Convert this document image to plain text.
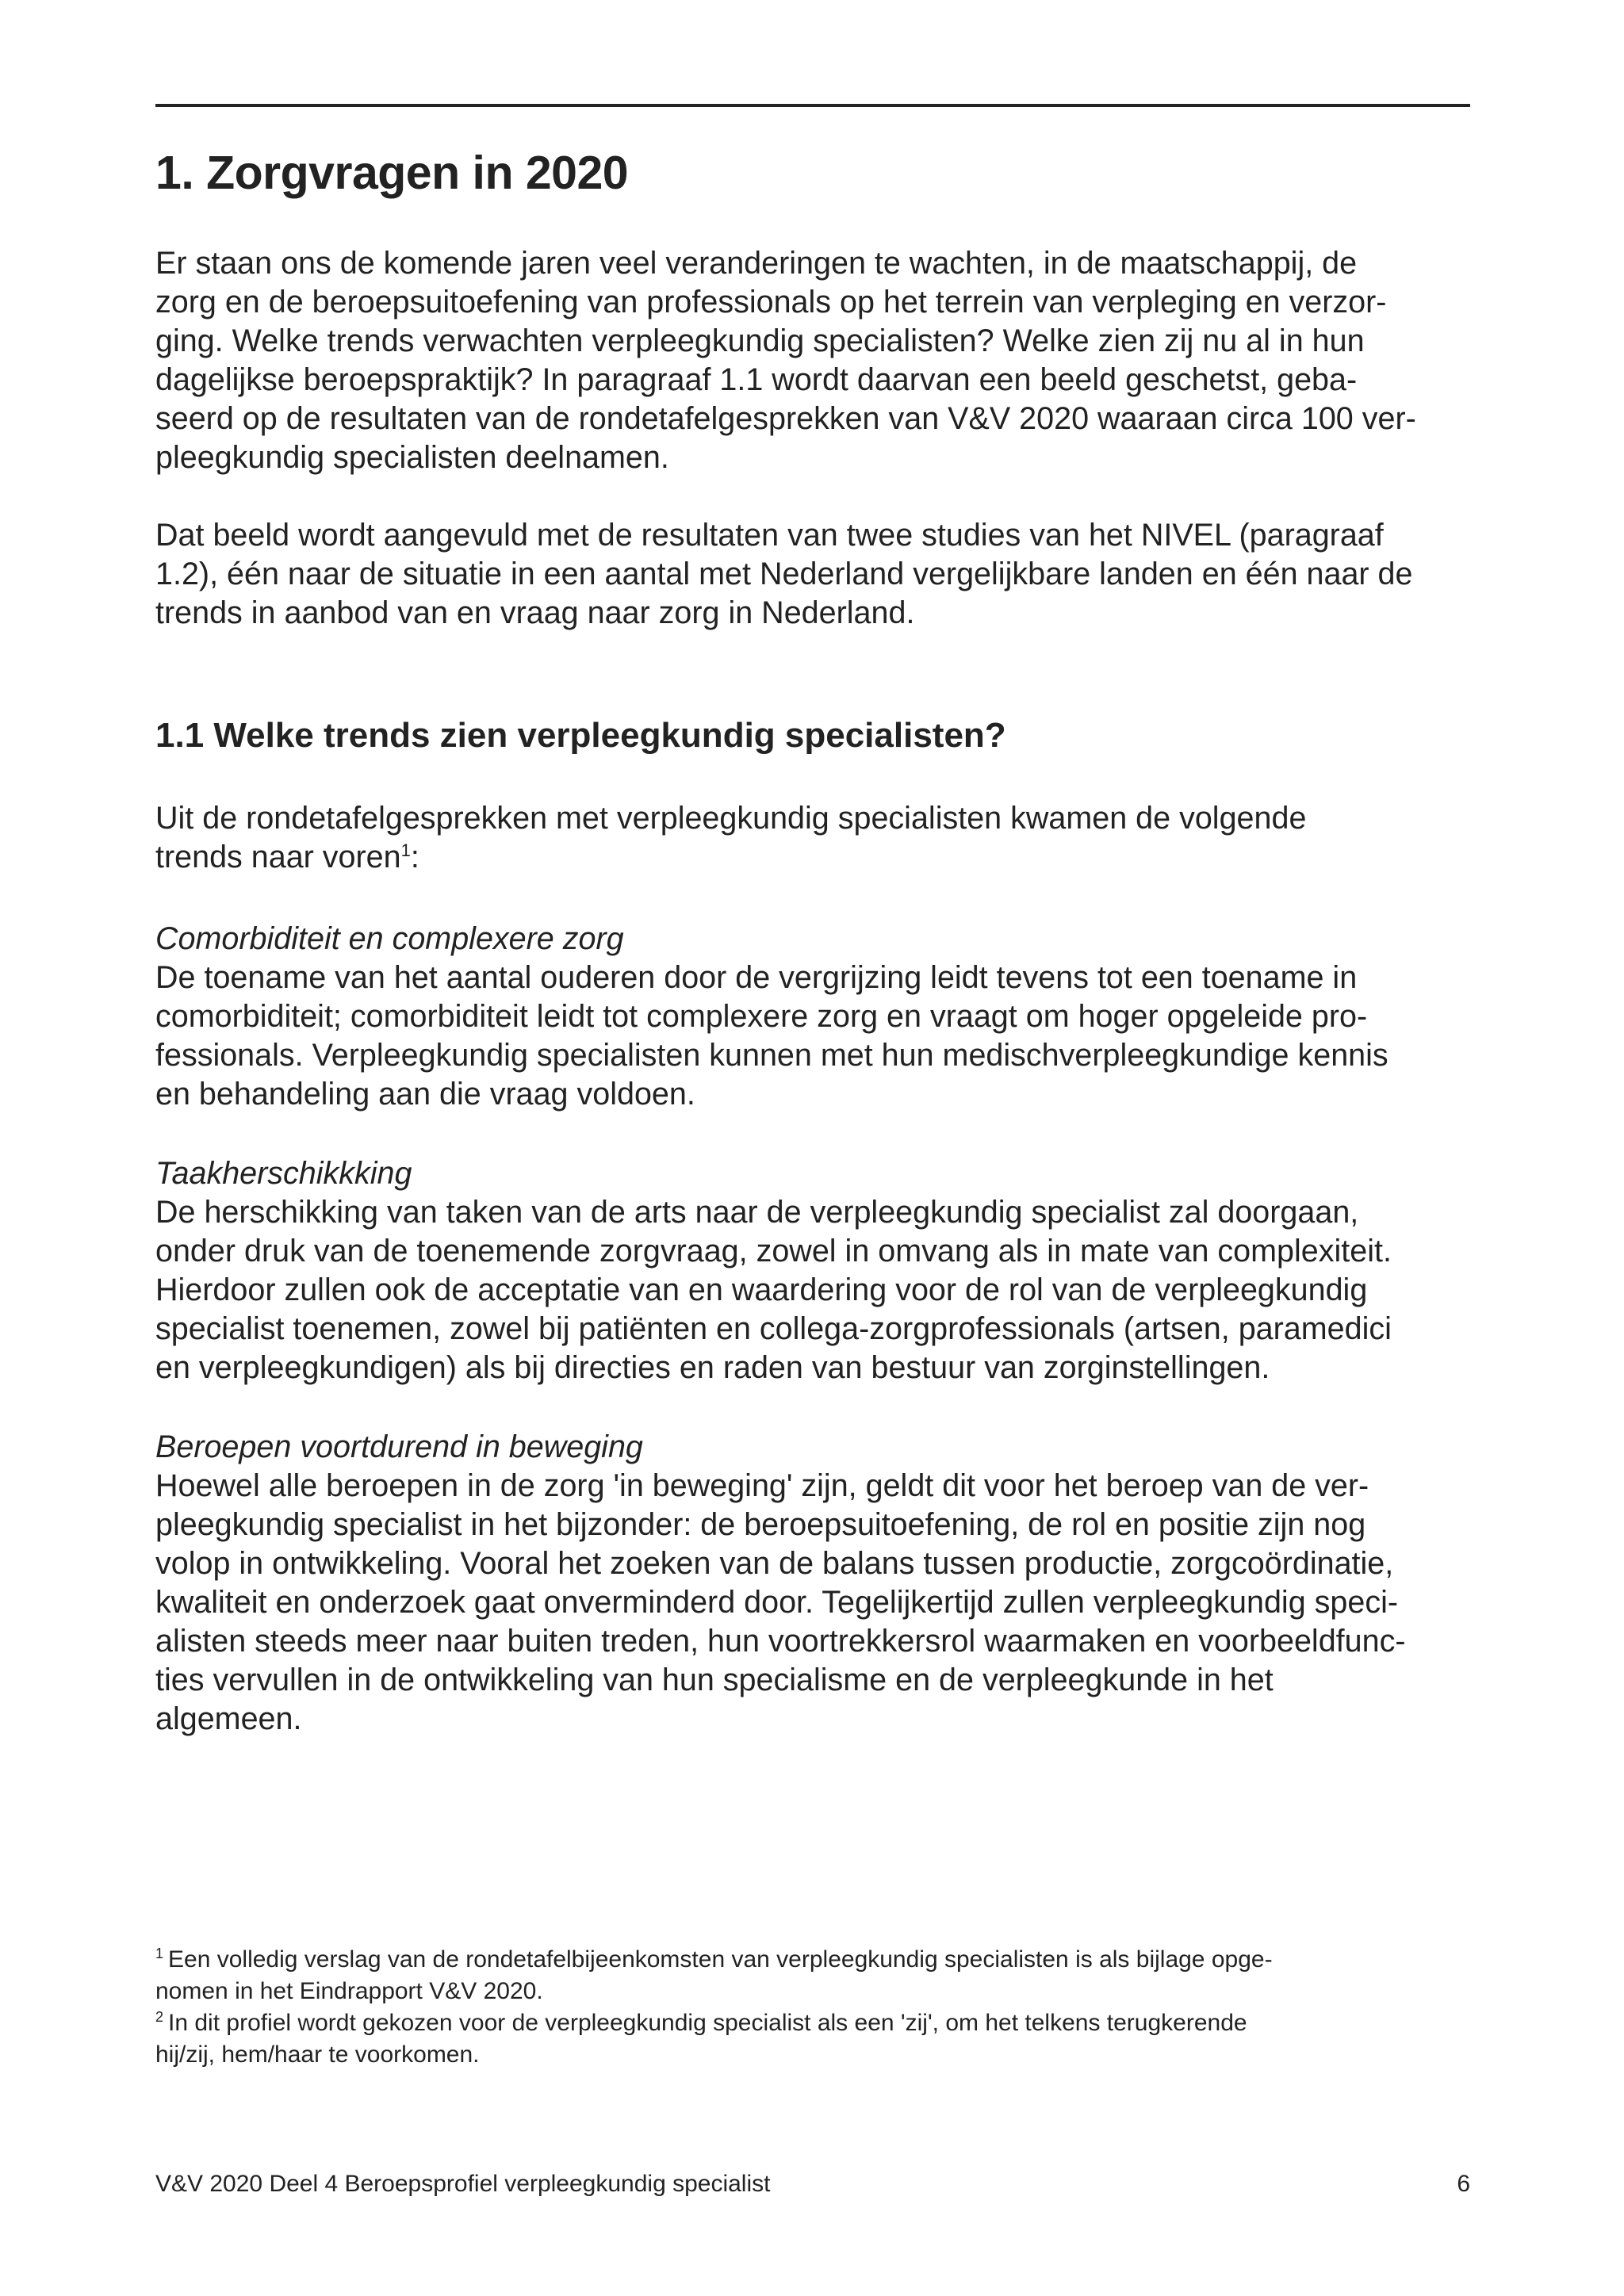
1. Zorgvragen in 2020

Er staan ons de komende jaren veel veranderingen te wachten, in de maatschappij, de
zorg en de beroepsuitoefening van professionals op het terrein van verpleging en verzor-
ging. Welke trends verwachten verpleegkundig specialisten? Welke zien zij nu al in hun
dagelijkse beroepspraktijk? In paragraaf 1.1 wordt daarvan een beeld geschetst, geba-
seerd op de resultaten van de rondetafelgesprekken van V&V 2020 waaraan circa 100 ver-
pleegkundig specialisten deelnamen.

Dat beeld wordt aangevuld met de resultaten van twee studies van het NIVEL (paragraaf
1.2), één naar de situatie in een aantal met Nederland vergelijkbare landen en één naar de
trends in aanbod van en vraag naar zorg in Nederland.

1.1 Welke trends zien verpleegkundig specialisten?

Uit de rondetafelgesprekken met verpleegkundig specialisten kwamen de volgende
trends naar voren$^1$:

Comorbiditeit en complexere zorg
De toename van het aantal ouderen door de vergrijzing leidt tevens tot een toename in
comorbiditeit; comorbiditeit leidt tot complexere zorg en vraagt om hoger opgeleide pro-
fessionals. Verpleegkundig specialisten kunnen met hun medischverpleegkundige kennis
en behandeling aan die vraag voldoen.
Taakherschikkking
De herschikking van taken van de arts naar de verpleegkundig specialist zal doorgaan,
onder druk van de toenemende zorgvraag, zowel in omvang als in mate van complexiteit.
Hierdoor zullen ook de acceptatie van en waardering voor de rol van de verpleegkundig
specialist toenemen, zowel bij patiënten en collega-zorgprofessionals (artsen, paramedici
en verpleegkundigen) als bij directies en raden van bestuur van zorginstellingen.
Beroepen voortdurend in beweging
Hoewel alle beroepen in de zorg 'in beweging' zijn, geldt dit voor het beroep van de ver-
pleegkundig specialist in het bijzonder: de beroepsuitoefening, de rol en positie zijn nog
volop in ontwikkeling. Vooral het zoeken van de balans tussen productie, zorgcoördinatie,
kwaliteit en onderzoek gaat onverminderd door. Tegelijkertijd zullen verpleegkundig speci-
alisten steeds meer naar buiten treden, hun voortrekkersrol waarmaken en voorbeeldfunc-
ties vervullen in de ontwikkeling van hun specialisme en de verpleegkunde in het
algemeen.
$^1$ Een volledig verslag van de rondetafelbijeenkomsten van verpleegkundig specialisten is als bijlage opge-
nomen in het Eindrapport V&V 2020.
$^2$ In dit profiel wordt gekozen voor de verpleegkundig specialist als een 'zij', om het telkens terugkerende
hij/zij, hem/haar te voorkomen.
V&V 2020 Deel 4 Beroepsprofiel verpleegkundig specialist	6
